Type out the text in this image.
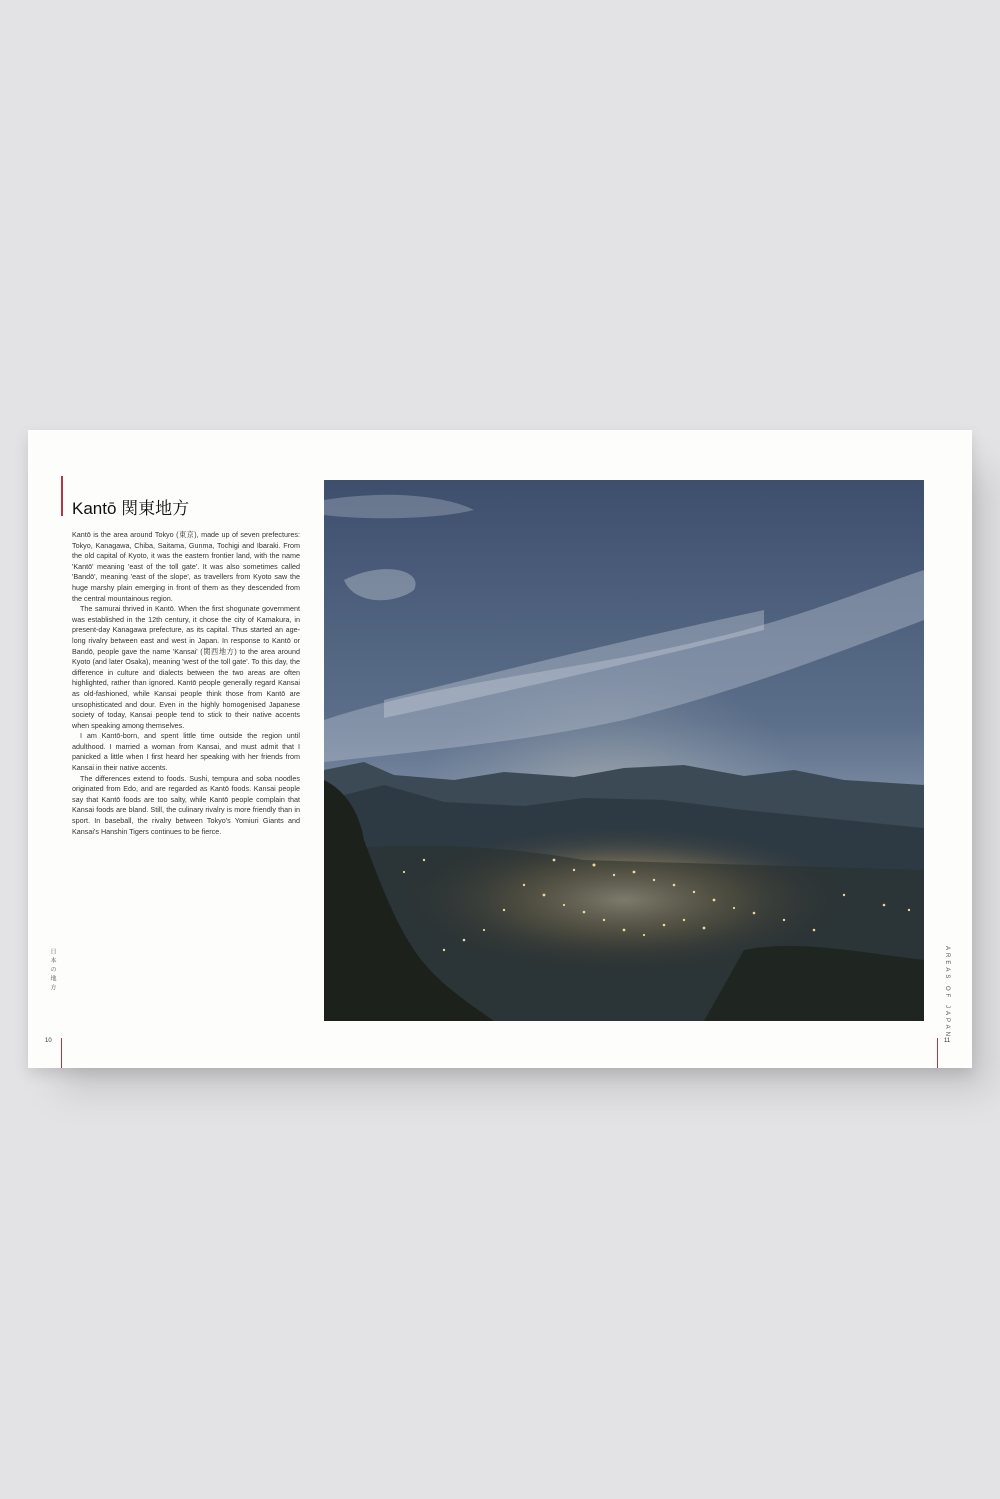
Kantō 関東地方

Kantō is the area around Tokyo (東京), made up of seven prefectures: Tokyo, Kanagawa, Chiba, Saitama, Gunma, Tochigi and Ibaraki. From the old capital of Kyoto, it was the eastern frontier land, with the name 'Kantō' meaning 'east of the toll gate'. It was also sometimes called 'Bandō', meaning 'east of the slope', as travellers from Kyoto saw the huge marshy plain emerging in front of them as they descended from the central mountainous region.

The samurai thrived in Kantō. When the first shogunate government was established in the 12th century, it chose the city of Kamakura, in present-day Kanagawa prefecture, as its capital. Thus started an age-long rivalry between east and west in Japan. In response to Kantō or Bandō, people gave the name 'Kansai' (関西地方) to the area around Kyoto (and later Osaka), meaning 'west of the toll gate'. To this day, the difference in culture and dialects between the two areas are often highlighted, rather than ignored. Kantō people generally regard Kansai as old-fashioned, while Kansai people think those from Kantō are unsophisticated and dour. Even in the highly homogenised Japanese society of today, Kansai people tend to stick to their native accents when speaking among themselves.

I am Kantō-born, and spent little time outside the region until adulthood. I married a woman from Kansai, and must admit that I panicked a little when I first heard her speaking with her friends from Kansai in their native accents.

The differences extend to foods. Sushi, tempura and soba noodles originated from Edo, and are regarded as Kantō foods. Kansai people say that Kantō foods are too salty, while Kantō people complain that Kansai foods are bland. Still, the culinary rivalry is more friendly than in sport. In baseball, the rivalry between Tokyo's Yomiuri Giants and Kansai's Hanshin Tigers continues to be fierce.

日本の地方	AREAS OF JAPAN
10	11
